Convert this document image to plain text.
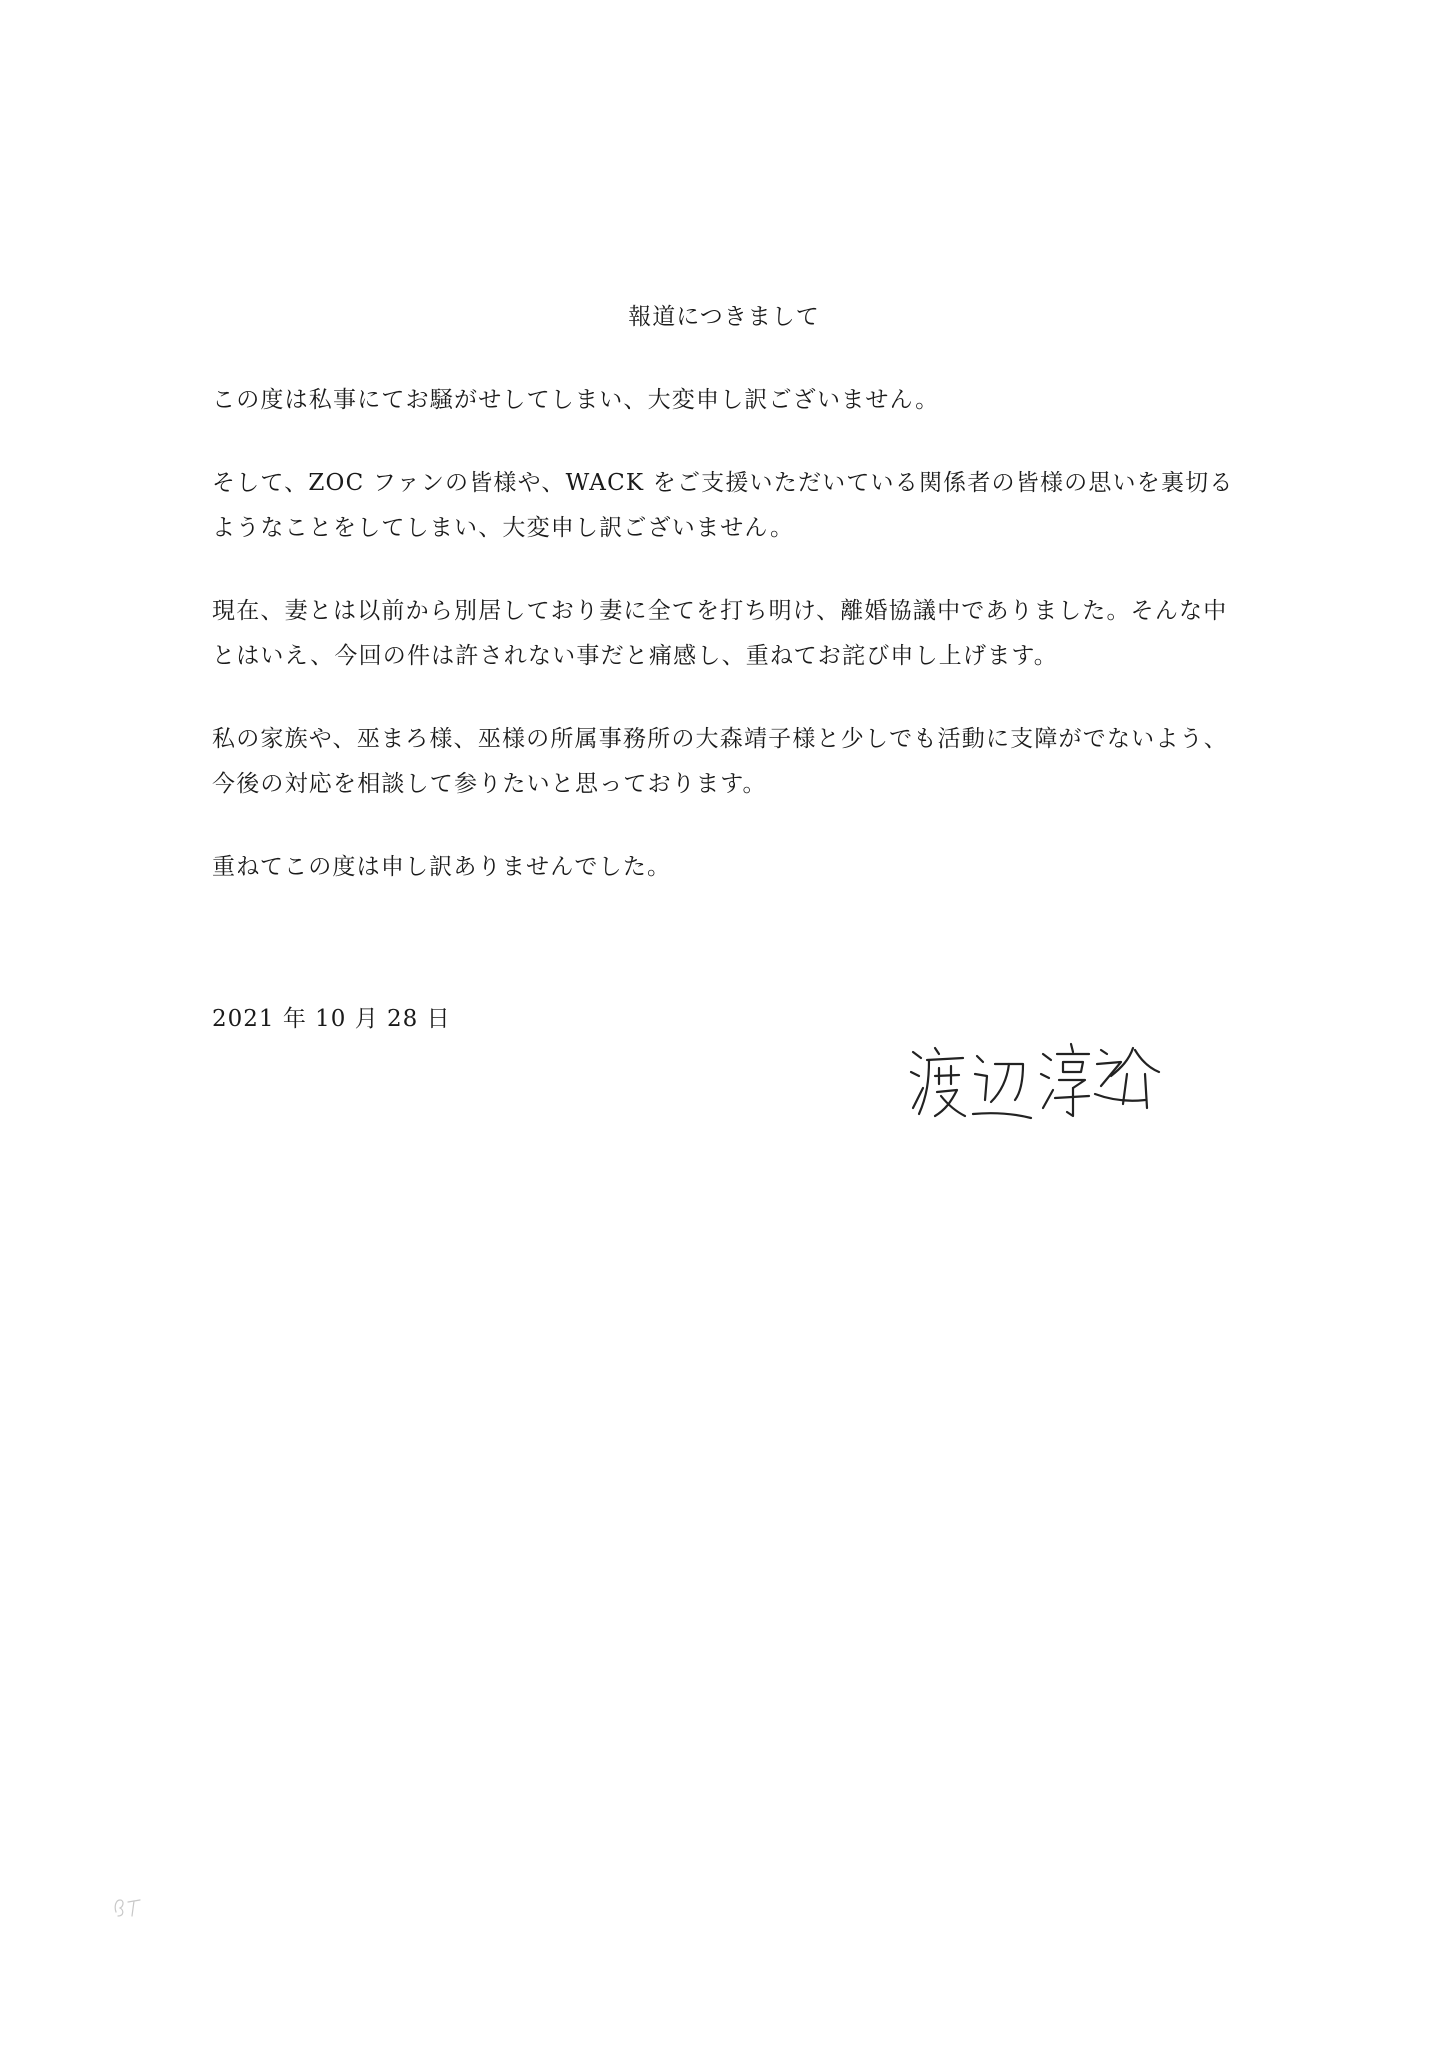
報道につきまして

この度は私事にてお騒がせしてしまい、大変申し訳ございません。

そして、ZOC ファンの皆様や、WACK をご支援いただいている関係者の皆様の思いを裏切るようなことをしてしまい、大変申し訳ございません。

現在、妻とは以前から別居しており妻に全てを打ち明け、離婚協議中でありました。そんな中とはいえ、今回の件は許されない事だと痛感し、重ねてお詫び申し上げます。

私の家族や、巫まろ様、巫様の所属事務所の大森靖子様と少しでも活動に支障がでないよう、今後の対応を相談して参りたいと思っております。

重ねてこの度は申し訳ありませんでした。

2021 年 10 月 28 日
